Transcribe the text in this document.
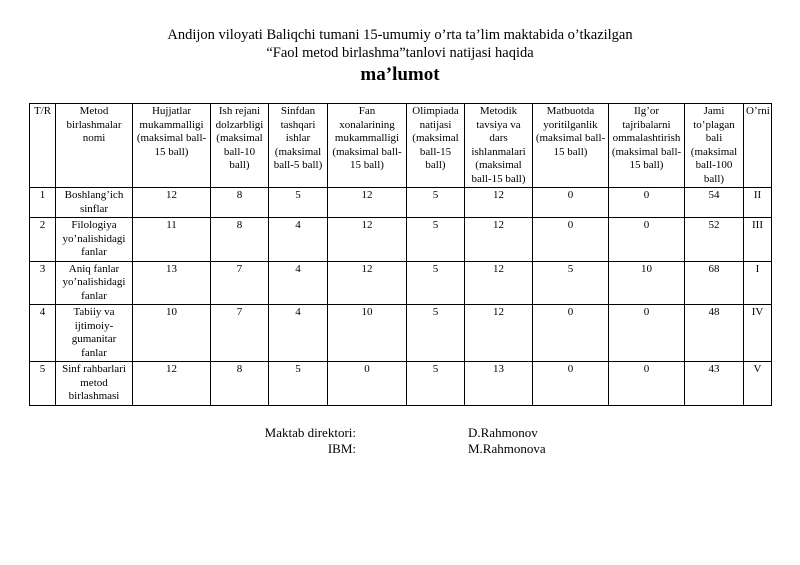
Andijon viloyati Baliqchi tumani 15-umumiy o’rta ta’lim maktabida o’tkazilgan
“Faol metod birlashma”tanlovi natijasi haqida
ma’lumot
T/R	Metod birlashmalar nomi	Hujjatlar mukammalligi (maksimal ball-15 ball)	Ish rejani dolzarbligi (maksimal ball-10 ball)	Sinfdan tashqari ishlar (maksimal ball-5 ball)	Fan xonalarining mukammalligi (maksimal ball-15 ball)	Olimpiada natijasi (maksimal ball-15 ball)	Metodik tavsiya va dars ishlanmalari (maksimal ball-15 ball)	Matbuotda yoritilganlik (maksimal ball-15 ball)	Ilg’or tajribalarni ommalashtirish (maksimal ball-15 ball)	Jami to’plagan bali (maksimal ball-100 ball)	O’rni
1	Boshlang’ich sinflar	12	8	5	12	5	12	0	0	54	II
2	Filologiya yo’nalishidagi fanlar	11	8	4	12	5	12	0	0	52	III
3	Aniq fanlar yo’nalishidagi fanlar	13	7	4	12	5	12	5	10	68	I
4	Tabiiy va ijtimoiy-gumanitar fanlar	10	7	4	10	5	12	0	0	48	IV
5	Sinf rahbarlari metod birlashmasi	12	8	5	0	5	13	0	0	43	V
Maktab direktori:	D.Rahmonov
IBM:	M.Rahmonova
